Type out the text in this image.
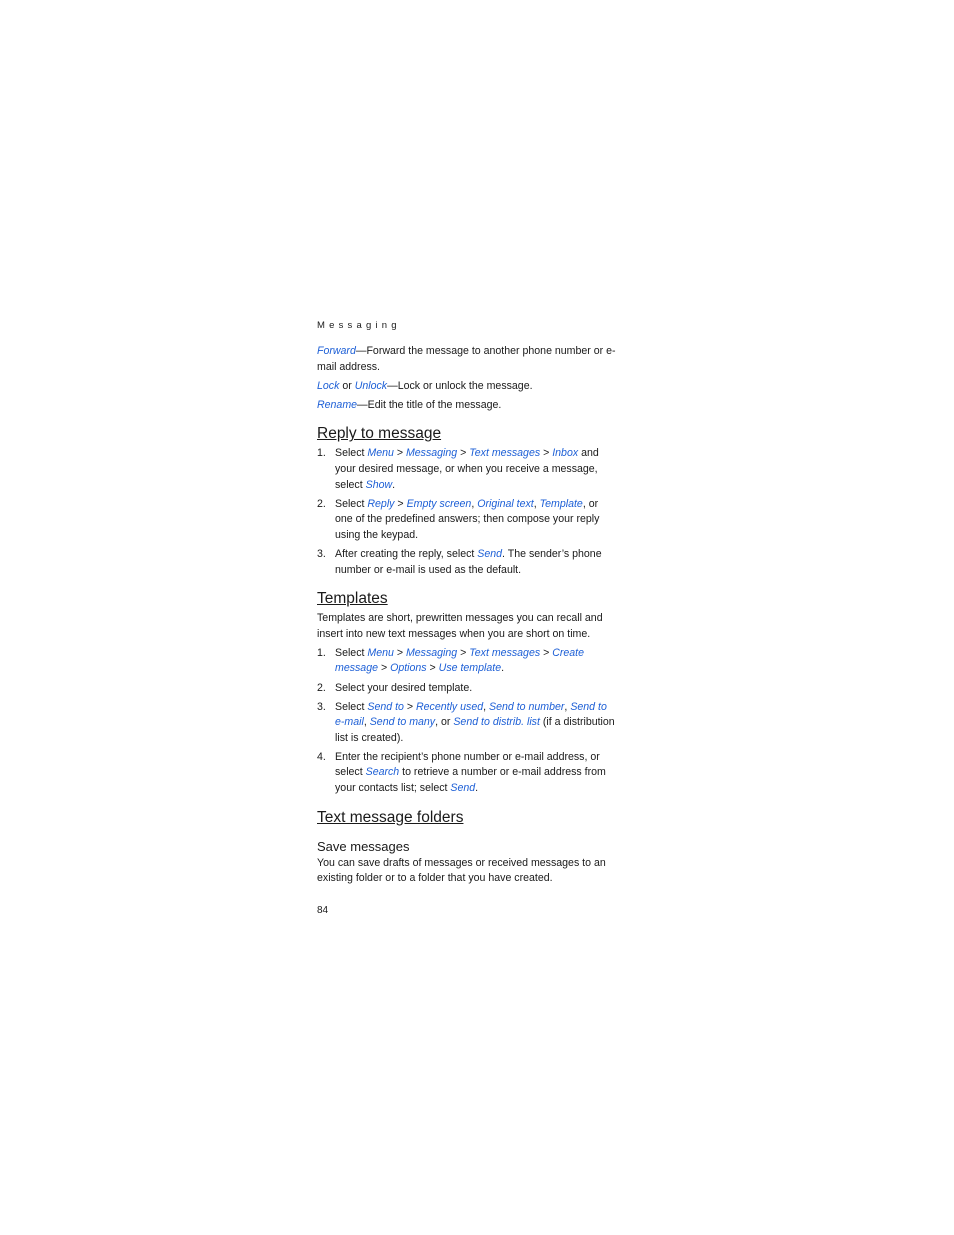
Messaging

Forward—Forward the message to another phone number or e-mail address.

Lock or Unlock—Lock or unlock the message.

Rename—Edit the title of the message.

Reply to message
1. Select Menu > Messaging > Text messages > Inbox and your desired message, or when you receive a message, select Show.
2. Select Reply > Empty screen, Original text, Template, or one of the predefined answers; then compose your reply using the keypad.
3. After creating the reply, select Send. The sender’s phone number or e-mail is used as the default.
Templates

Templates are short, prewritten messages you can recall and insert into new text messages when you are short on time.

1. Select Menu > Messaging > Text messages > Create message > Options > Use template.
2. Select your desired template.
3. Select Send to > Recently used, Send to number, Send to e-mail, Send to many, or Send to distrib. list (if a distribution list is created).
4. Enter the recipient’s phone number or e-mail address, or select Search to retrieve a number or e-mail address from your contacts list; select Send.
Text message folders
Save messages

You can save drafts of messages or received messages to an existing folder or to a folder that you have created.

84
